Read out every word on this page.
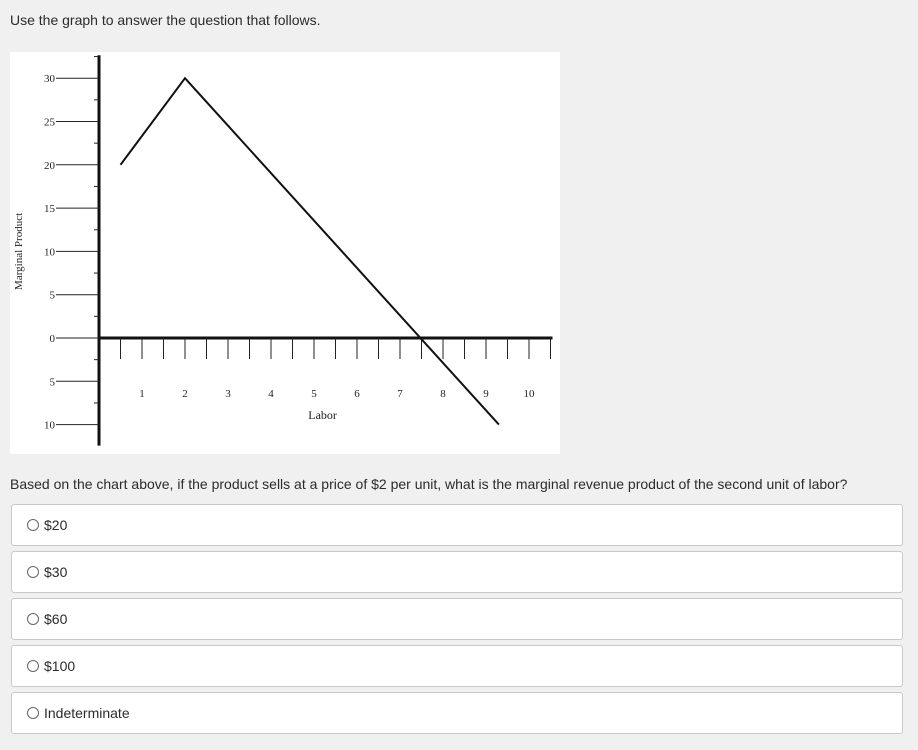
Use the graph to answer the question that follows.
30
25
20
15
10
5
0
5
10
1	2	3	4	5	6	7	8	9	10
Labor
Marginal Product
Based on the chart above, if the product sells at a price of $2 per unit, what is the marginal revenue product of the second unit of labor?
$20
$30
$60
$100
Indeterminate
